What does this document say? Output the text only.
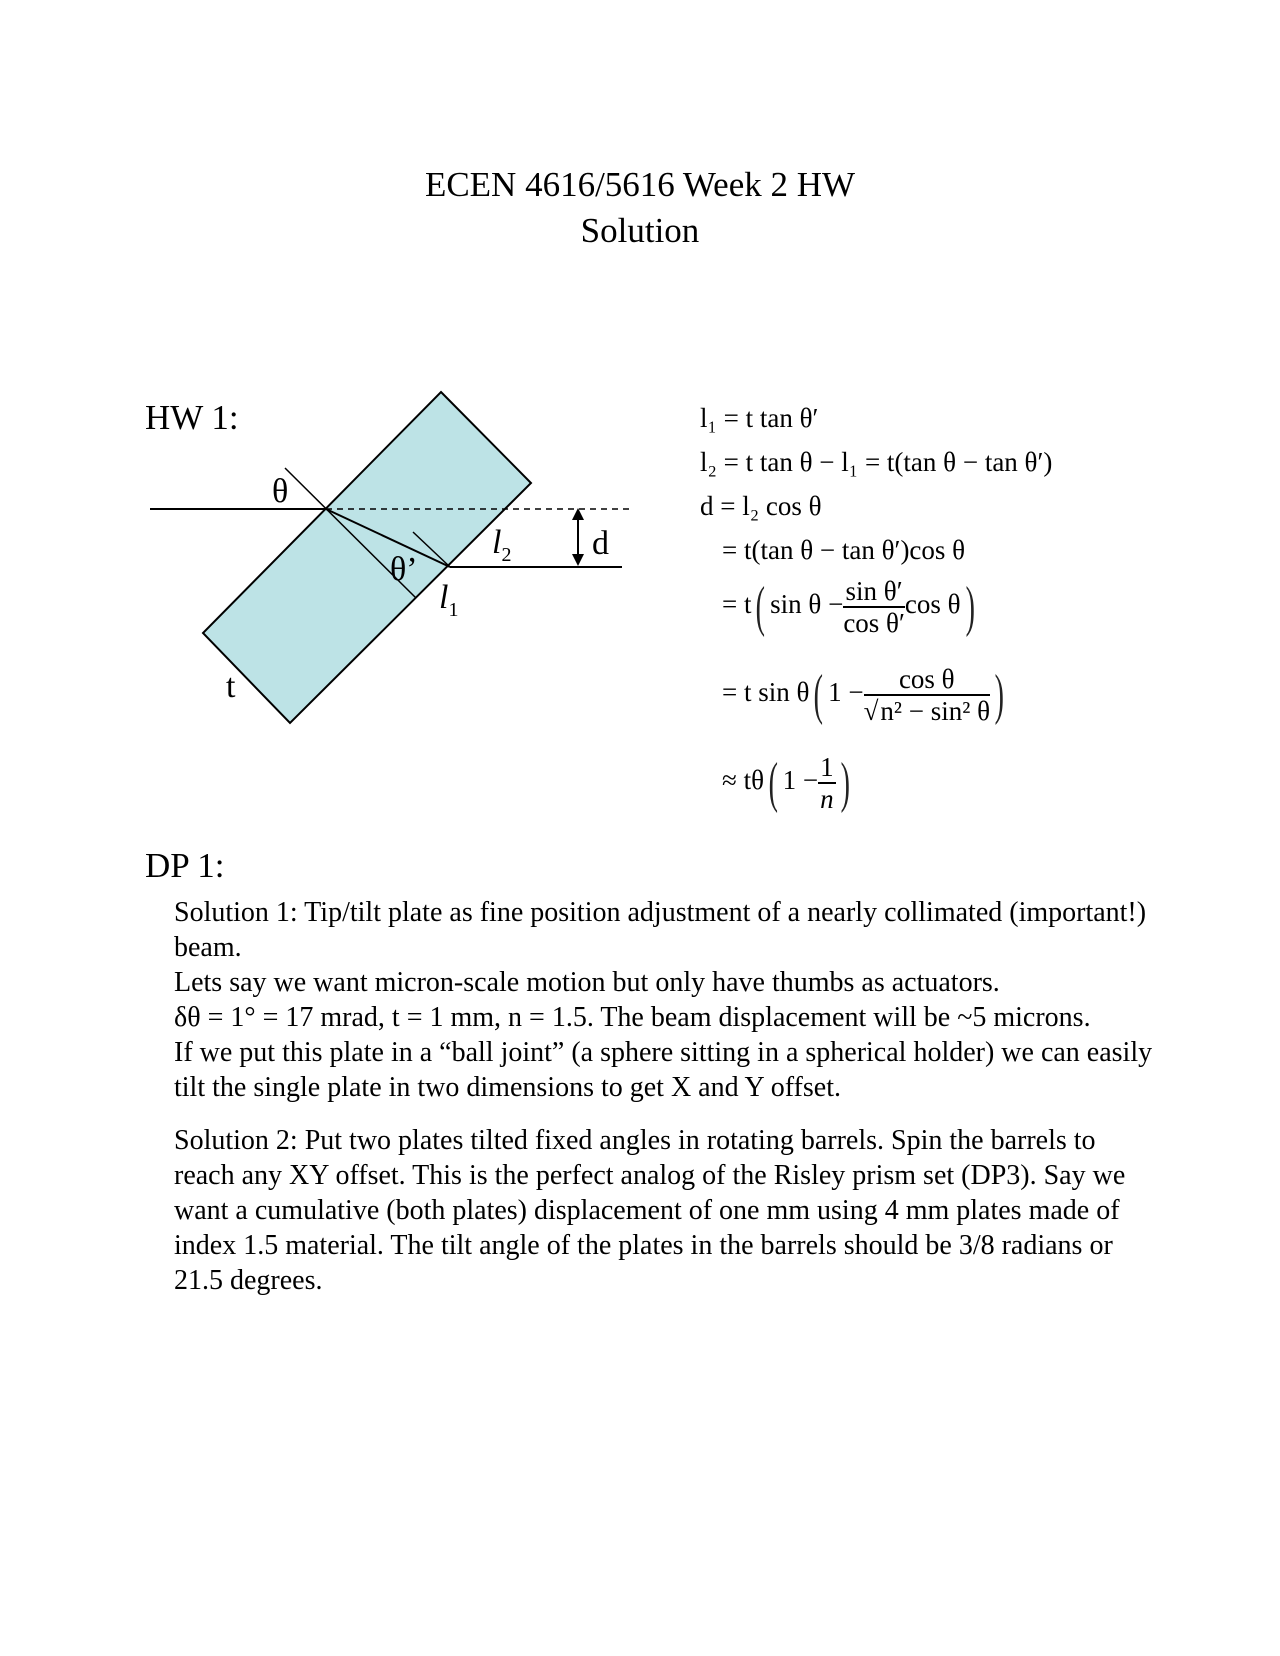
ECEN 4616/5616 Week 2 HW
Solution
HW 1:
DP 1:
θ
θ’
$l_2$
$l_1$
d
t
l₁ = t tan θ′
l₂ = t tan θ − l₁ = t(tan θ − tan θ′)
d = l₂ cos θ
= t(tan θ − tan θ′)cos θ
= t( $\sin \theta - \frac{\text{sin θ′}}{\text{cos θ′}}$ cos θ)
= t sin θ( $1 - \frac{\text{cos θ}}{\text{√n² − sin² θ}}$ )
≈ tθ( $1 - \frac{1}{n}$ )

Solution 1: Tip/tilt plate as fine position adjustment of a nearly collimated (important!) beam.

Lets say we want micron-scale motion but only have thumbs as actuators.

δθ = 1° = 17 mrad, t = 1 mm, n = 1.5. The beam displacement will be ~5 microns.

If we put this plate in a “ball joint” (a sphere sitting in a spherical holder) we can easily tilt the single plate in two dimensions to get X and Y offset.

Solution 2: Put two plates tilted fixed angles in rotating barrels. Spin the barrels to reach any XY offset. This is the perfect analog of the Risley prism set (DP3). Say we want a cumulative (both plates) displacement of one mm using 4 mm plates made of index 1.5 material. The tilt angle of the plates in the barrels should be 3/8 radians or 21.5 degrees.
